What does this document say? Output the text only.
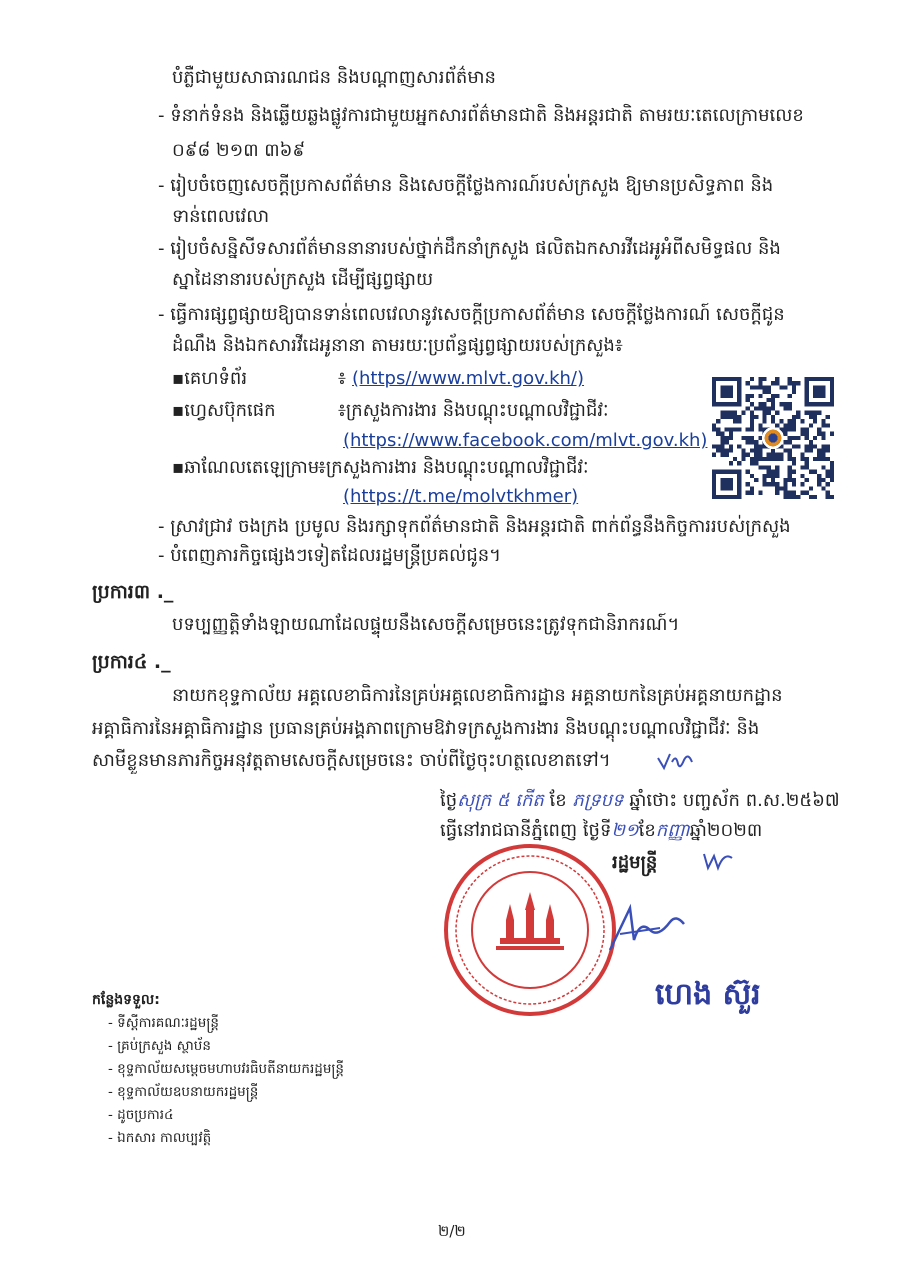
បំភ្លឺជាមួយសាធារណជន និងបណ្ដាញសារព័ត៌មាន
- ទំនាក់ទំនង និងឆ្លើយឆ្លងផ្លូវការជាមួយអ្នកសារព័ត៌មានជាតិ និងអន្តរជាតិ តាមរយៈតេលេក្រាមលេខ
០៩៨ ២១៣ ៣៦៩
- រៀបចំចេញសេចក្ដីប្រកាសព័ត៌មាន និងសេចក្ដីថ្លែងការណ៍របស់ក្រសួង ឱ្យមានប្រសិទ្ធភាព និង
ទាន់ពេលវេលា
- រៀបចំសន្និសីទសារព័ត៌មាននានារបស់ថ្នាក់ដឹកនាំក្រសួង ផលិតឯកសារវីដេអូអំពីសមិទ្ធផល និង
ស្នាដៃនានារបស់ក្រសួង ដើម្បីផ្សព្វផ្សាយ
- ធ្វើការផ្សព្វផ្សាយឱ្យបានទាន់ពេលវេលានូវសេចក្ដីប្រកាសព័ត៌មាន សេចក្ដីថ្លែងការណ៍ សេចក្ដីជូន
ដំណឹង និងឯកសារវីដេអូនានា តាមរយៈប្រព័ន្ធផ្សព្វផ្សាយរបស់ក្រសួង៖
▪គេហទំព័រ	៖ (https//www.mlvt.gov.kh/)
▪ហ្វេសប៊ុកផេក	៖ក្រសួងការងារ និងបណ្ដុះបណ្ដាលវិជ្ជាជីវៈ
(https://www.facebook.com/mlvt.gov.kh)
▪ឆាណែលតេឡេក្រាម
៖ក្រសួងការងារ និងបណ្ដុះបណ្ដាលវិជ្ជាជីវៈ
(https://t.me/molvtkhmer)
- ស្រាវជ្រាវ ចងក្រង ប្រមូល និងរក្សាទុកព័ត៌មានជាតិ និងអន្តរជាតិ ពាក់ព័ន្ធនឹងកិច្ចការរបស់ក្រសួង
- បំពេញភារកិច្ចផ្សេងៗទៀតដែលរដ្ឋមន្ត្រីប្រគល់ជូន។
ប្រការ៣ ._
បទប្បញ្ញត្តិទាំងឡាយណាដែលផ្ទុយនឹងសេចក្ដីសម្រេចនេះត្រូវទុកជានិរាករណ៍។
ប្រការ៤ ._
នាយកខុទ្ទកាល័យ អគ្គលេខាធិការនៃគ្រប់អគ្គលេខាធិការដ្ឋាន អគ្គនាយកនៃគ្រប់អគ្គនាយកដ្ឋាន
អគ្គាធិការនៃអគ្គាធិការដ្ឋាន ប្រធានគ្រប់អង្គភាពក្រោមឱវាទក្រសួងការងារ និងបណ្ដុះបណ្ដាលវិជ្ជាជីវៈ និង
សាមីខ្លួនមានភារកិច្ចអនុវត្តតាមសេចក្ដីសម្រេចនេះ ចាប់ពីថ្ងៃចុះហត្ថលេខាតទៅ។
ថ្ងៃសុក្រ ៥ កើត ខែ ភទ្របទ ឆ្នាំថោះ បញ្ចស័ក ព.ស.២៥៦៧
ធ្វើនៅរាជធានីភ្នំពេញ ថ្ងៃទី២១ខែកញ្ញាឆ្នាំ២០២៣
រដ្ឋមន្ត្រី
ហេង ស៊ួរ
កន្លែងទទួល:
- ទីស្ដីការគណៈរដ្ឋមន្ត្រី
- គ្រប់ក្រសួង ស្ថាប័ន
- ខុទ្ទកាល័យសម្ដេចមហាបវរធិបតីនាយករដ្ឋមន្ត្រី
- ខុទ្ទកាល័យឧបនាយករដ្ឋមន្ត្រី
- ដូចប្រការ៤
- ឯកសារ កាលប្បវត្តិ
២/២
